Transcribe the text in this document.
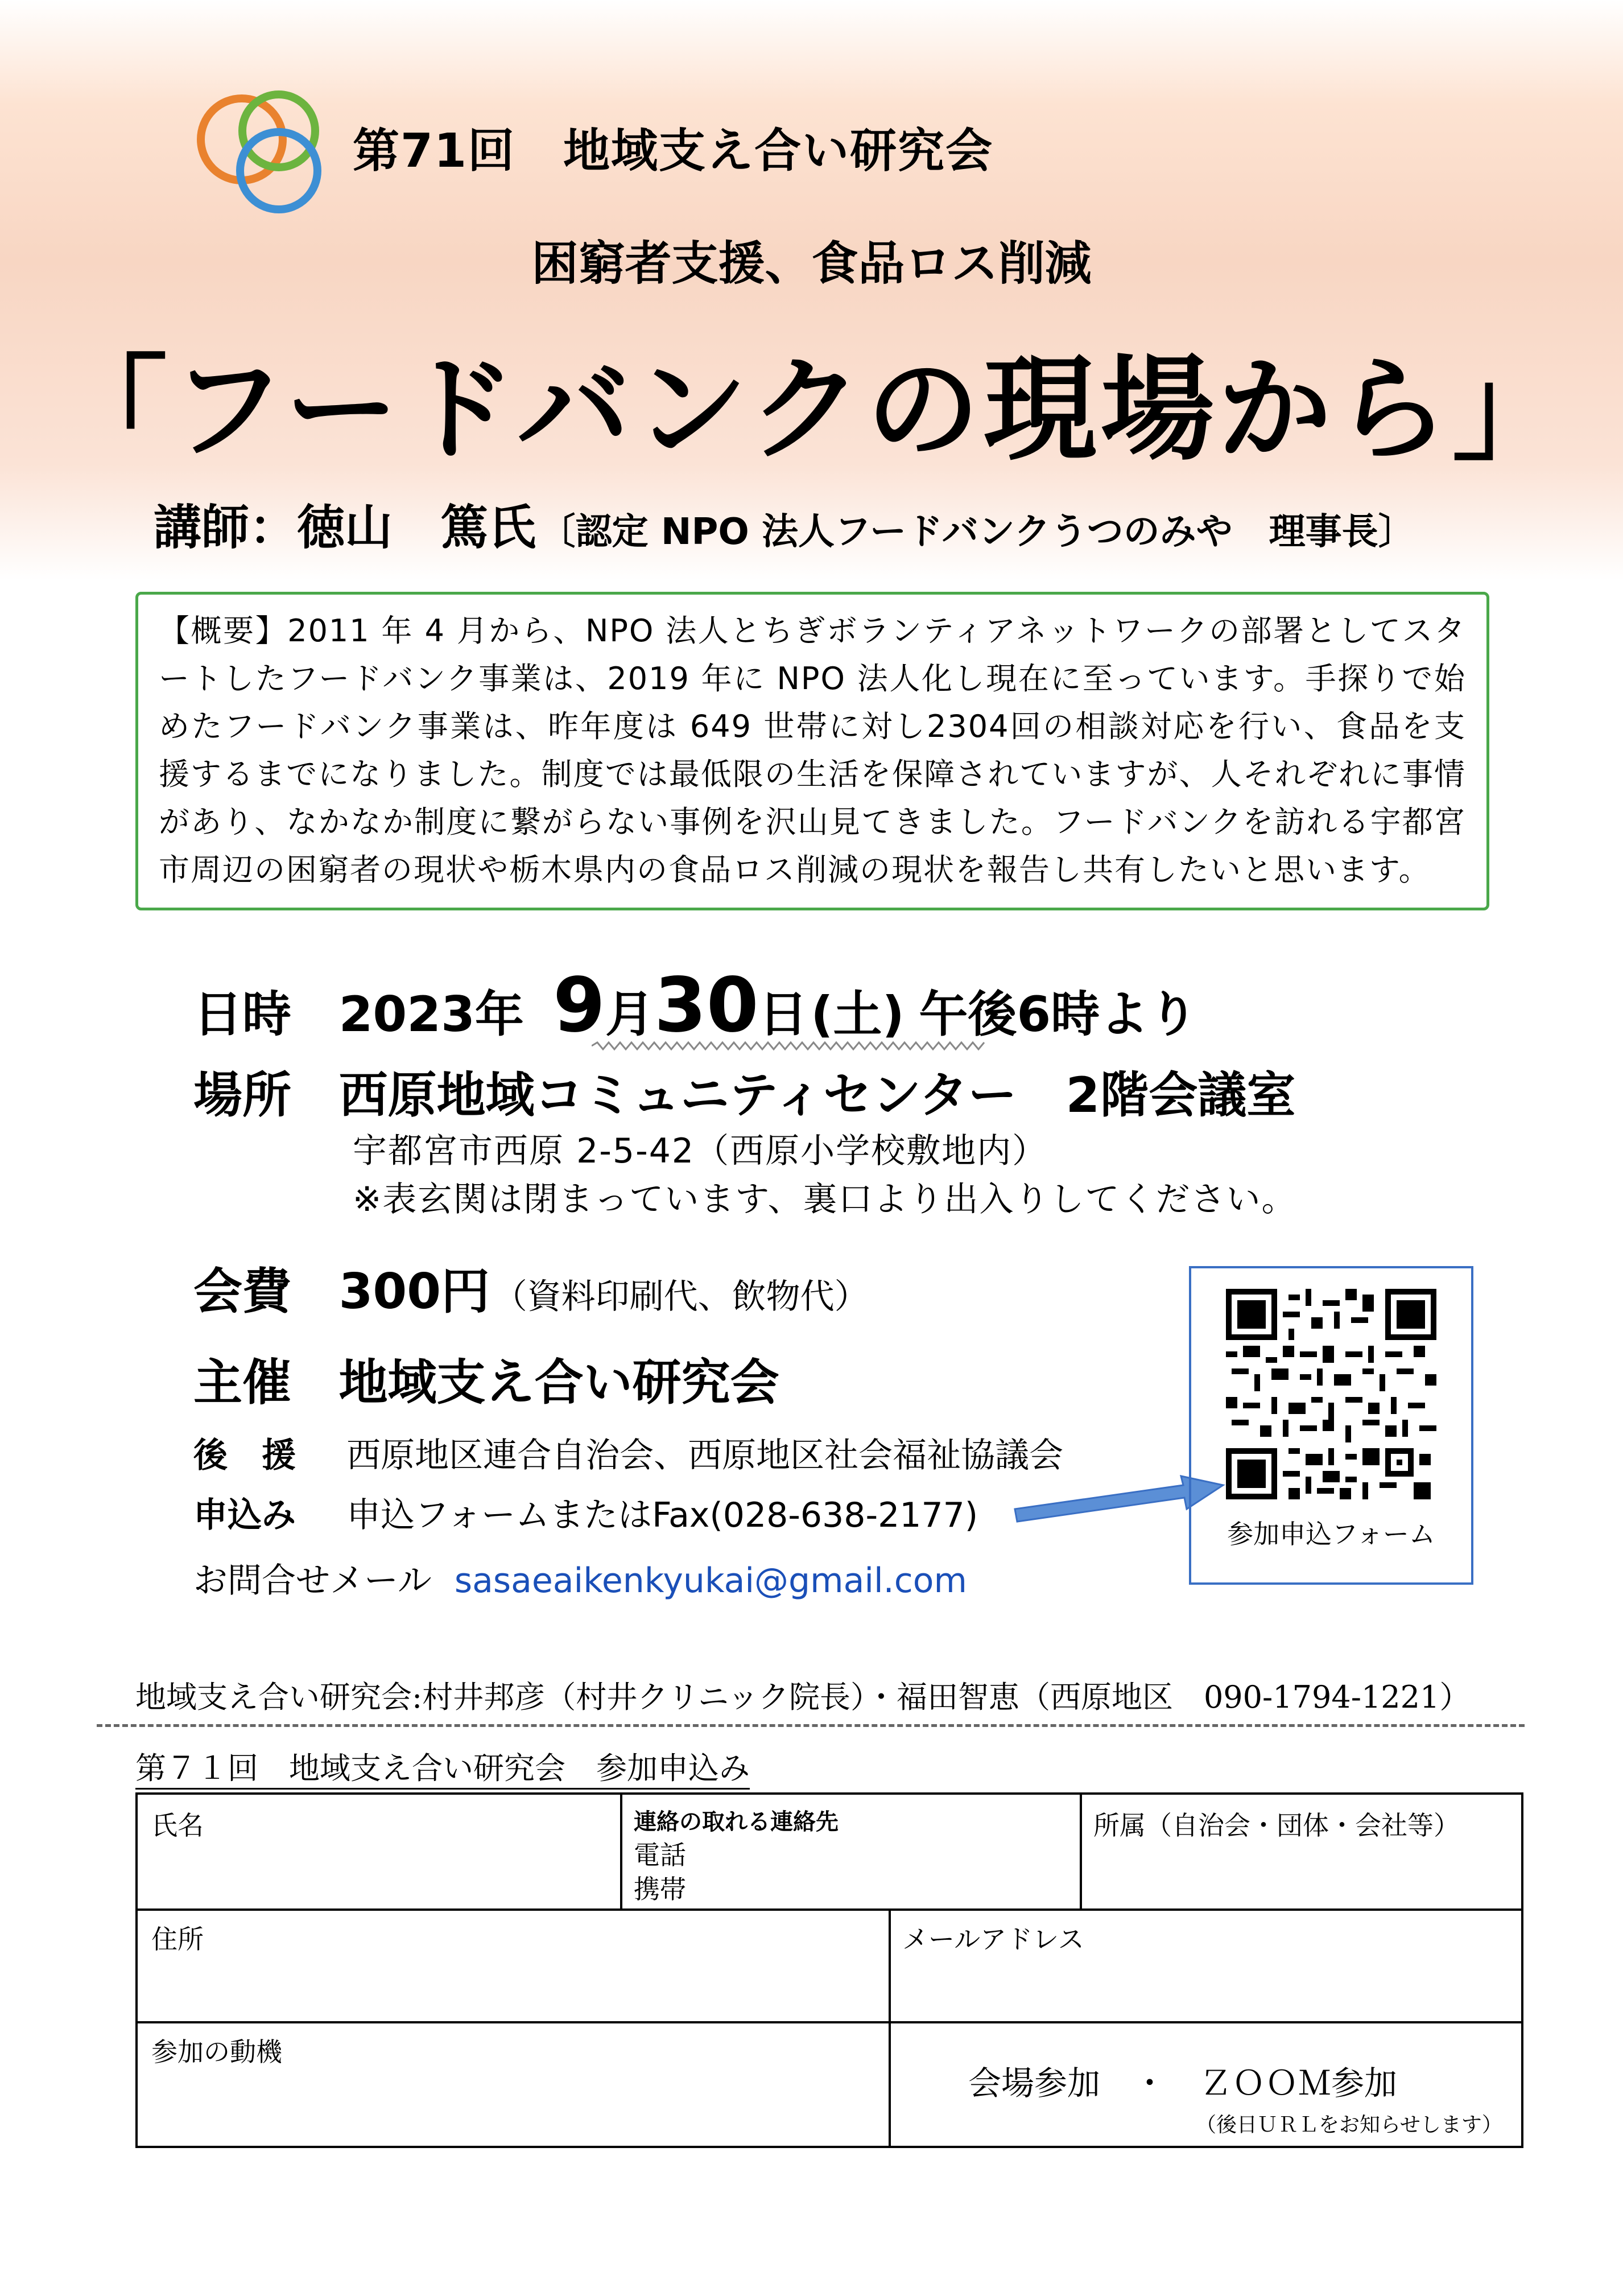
第71回　地域支え合い研究会
困窮者支援、食品ロス削減
「フードバンクの現場から」
講師：徳山　篤氏 〔認定 NPO 法人フードバンクうつのみや　理事長〕
【概要】2011 年 4 月から、NPO 法人とちぎボランティアネットワークの部署としてスタートしたフードバンク事業は、2019 年に NPO 法人化し現在に至っています。手探りで始めたフードバンク事業は、昨年度は 649 世帯に対し2304回の相談対応を行い、食品を支援するまでになりました。制度では最低限の生活を保障されていますが、人それぞれに事情があり、なかなか制度に繋がらない事例を沢山見てきました。フードバンクを訪れる宇都宮市周辺の困窮者の現状や栃木県内の食品ロス削減の現状を報告し共有したいと思います。
日時 2023年 9月30日 (土) 午後6時より
場所 西原地域コミュニティセンター　2階会議室
宇都宮市西原 2-5-42（西原小学校敷地内）
※表玄関は閉まっています、裏口より出入りしてください。
会費 300円 （資料印刷代、飲物代）
主催 地域支え合い研究会
後　援 西原地区連合自治会、西原地区社会福祉協議会
申込み 申込フォームまたはFax(028-638-2177)
お問合せメール sasaeaikenkyukai@gmail.com
参加申込フォーム
地域支え合い研究会:村井邦彦（村井クリニック院長）・福田智恵（西原地区　090-1794-1221）
第７１回　地域支え合い研究会　参加申込み
氏名	連絡の取れる連絡先
電話
携帯
所属（自治会・団体・会社等）
住所	メールアドレス
参加の動機
会場参加　・　ＺＯＯＭ参加
（後日ＵＲＬをお知らせします）
